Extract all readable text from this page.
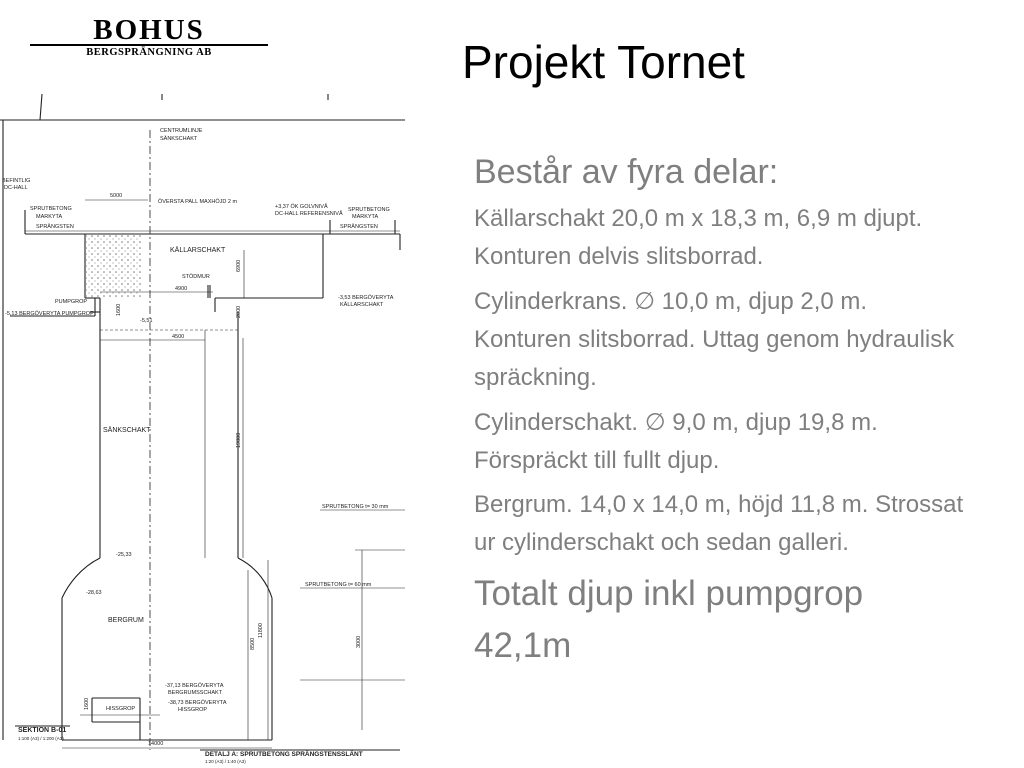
BOHUS
BERGSPRÄNGNING AB	Projekt Tornet
CENTRUMLINJE
SÄNKSCHAKT
BEFINTLIG
DC-HALL
5000
ÖVERSTA PALL MAXHÖJD 2 m
+3,37 ÖK GOLVNIVÅ
DC-HALL REFERENSNIVÅ
SPRUTBETONG
MARKYTA
SPRÄNGSTEN
SPRUTBETONG
MARKYTA
SPRÄNGSTEN
KÄLLARSCHAKT
6900
STÖDMUR
4900
PUMPGROP
-5,13 BERGÖVERYTA PUMPGROP
-3,53 BERGÖVERYTA
KÄLLARSCHAKT
1600
-5,51
2000
4500
SÄNKSCHAKT
19800
SPRUTBETONG t= 30 mm
-25,33
-28,63
SPRUTBETONG t= 60 mm
BERGRUM
8500
11800
3000
-37,13 BERGÖVERYTA
BERGRUMSSCHAKT
-38,73 BERGÖVERYTA
HISSGROP
HISSGROP
1600
14000
SEKTION B-01
1:100 (A3) / 1:200 (A3)
DETALJ A: SPRUTBETONG SPRÄNGSTENSSLÄNT
1:20 (A3) / 1:40 (A3)
Består av fyra delar:
Källarschakt 20,0 m x 18,3 m, 6,9 m djupt. Konturen delvis slitsborrad.
Cylinderkrans. ∅ 10,0 m, djup 2,0 m. Konturen slitsborrad. Uttag genom hydraulisk spräckning.
Cylinderschakt. ∅ 9,0 m, djup 19,8 m. Förspräckt till fullt djup.
Bergrum. 14,0 x 14,0 m, höjd 11,8 m. Strossat ur cylinderschakt och sedan galleri.
Totalt djup inkl pumpgrop 42,1m
